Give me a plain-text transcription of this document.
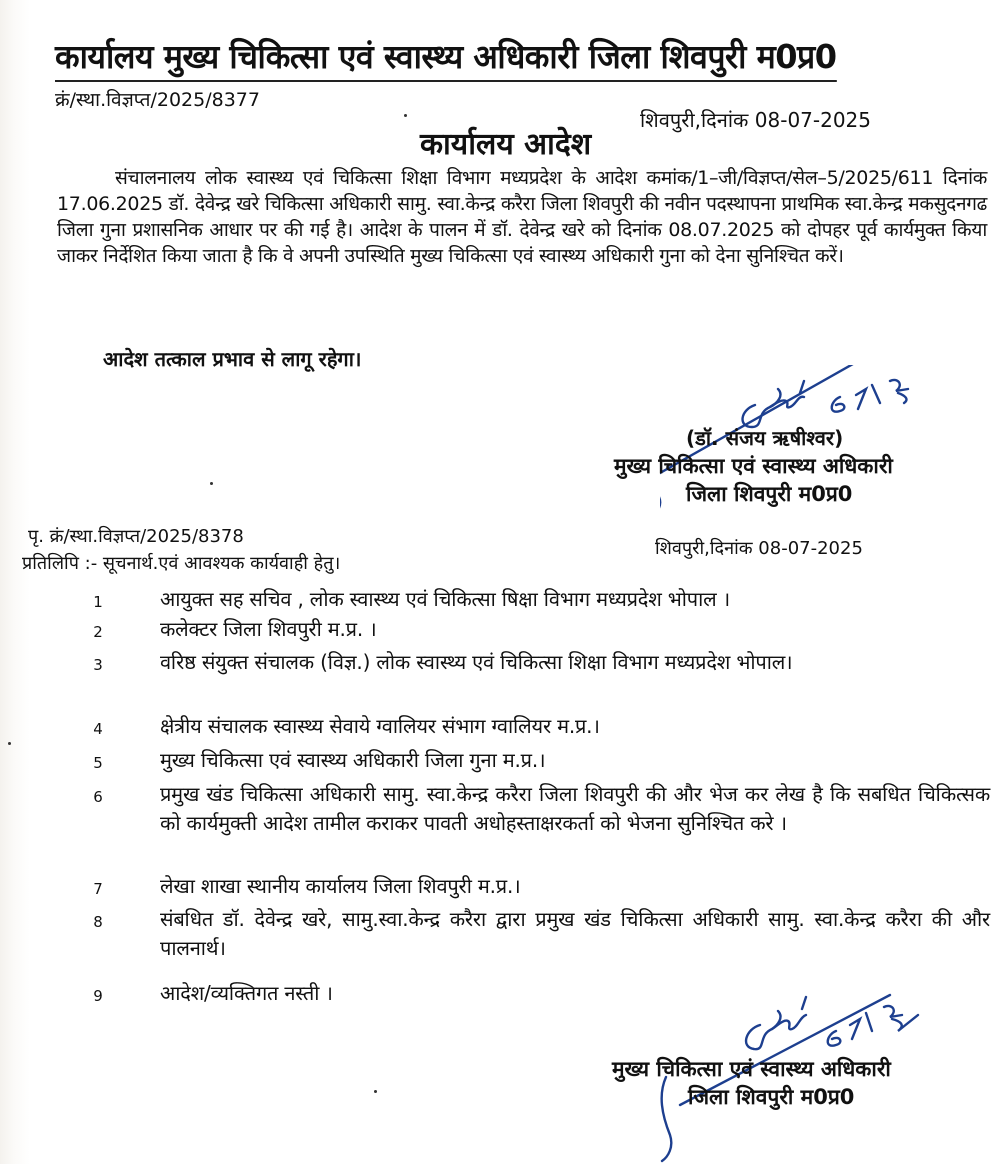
कार्यालय मुख्य चिकित्सा एवं स्वास्थ्य अधिकारी जिला शिवपुरी म0प्र0
क्रं/स्था.विज्ञप्त/2025/8377
शिवपुरी,दिनांक 08-07-2025
कार्यालय आदेश
संचालनालय लोक स्वास्थ्य एवं चिकित्सा शिक्षा विभाग मध्यप्रदेश के आदेश कमांक/1–जी/विज्ञप्त/सेल–5/2025/611 दिनांक 17.06.2025 डॉ. देवेन्द्र खरे चिकित्सा अधिकारी सामु. स्वा.केन्द्र करैरा जिला शिवपुरी की नवीन पदस्थापना प्राथमिक स्वा.केन्द्र मकसुदनगढ जिला गुना प्रशासनिक आधार पर की गई है। आदेश के पालन में डॉ. देवेन्द्र खरे को दिनांक 08.07.2025 को दोपहर पूर्व कार्यमुक्त किया जाकर निर्देशित किया जाता है कि वे अपनी उपस्थिति मुख्य चिकित्सा एवं स्वास्थ्य अधिकारी गुना को देना सुनिश्चित करें।
आदेश तत्काल प्रभाव से लागू रहेगा।
(डॉ. संजय ऋषीश्वर)
मुख्य चिकित्सा एवं स्वास्थ्य अधिकारी
जिला शिवपुरी म0प्र0
पृ. क्रं/स्था.विज्ञप्त/2025/8378
शिवपुरी,दिनांक 08-07-2025
प्रतिलिपि :- सूचनार्थ.एवं आवश्यक कार्यवाही हेतु।
1	आयुक्त सह सचिव , लोक स्वास्थ्य एवं चिकित्सा षिक्षा विभाग मध्यप्रदेश भोपाल ।
2	कलेक्टर जिला शिवपुरी म.प्र. ।
3	वरिष्ठ संयुक्त संचालक (विज्ञ.) लोक स्वास्थ्य एवं चिकित्सा शिक्षा विभाग मध्यप्रदेश भोपाल।
4	क्षेत्रीय संचालक स्वास्थ्य सेवाये ग्वालियर संभाग ग्वालियर म.प्र.।
5	मुख्य चिकित्सा एवं स्वास्थ्य अधिकारी जिला गुना म.प्र.।
6	प्रमुख खंड चिकित्सा अधिकारी सामु. स्वा.केन्द्र करैरा जिला शिवपुरी की और भेज कर लेख है कि सबधित चिकित्सक को कार्यमुक्ती आदेश तामील कराकर पावती अधोहस्ताक्षरकर्ता को भेजना सुनिश्चित करे ।
7	लेखा शाखा स्थानीय कार्यालय जिला शिवपुरी म.प्र.।
8	संबधित डॉ. देवेन्द्र खरे, सामु.स्वा.केन्द्र करैरा द्वारा प्रमुख खंड चिकित्सा अधिकारी सामु. स्वा.केन्द्र करैरा की और पालनार्थ।
9	आदेश/व्यक्तिगत नस्ती ।
मुख्य चिकित्सा एवं स्वास्थ्य अधिकारी
जिला शिवपुरी म0प्र0
